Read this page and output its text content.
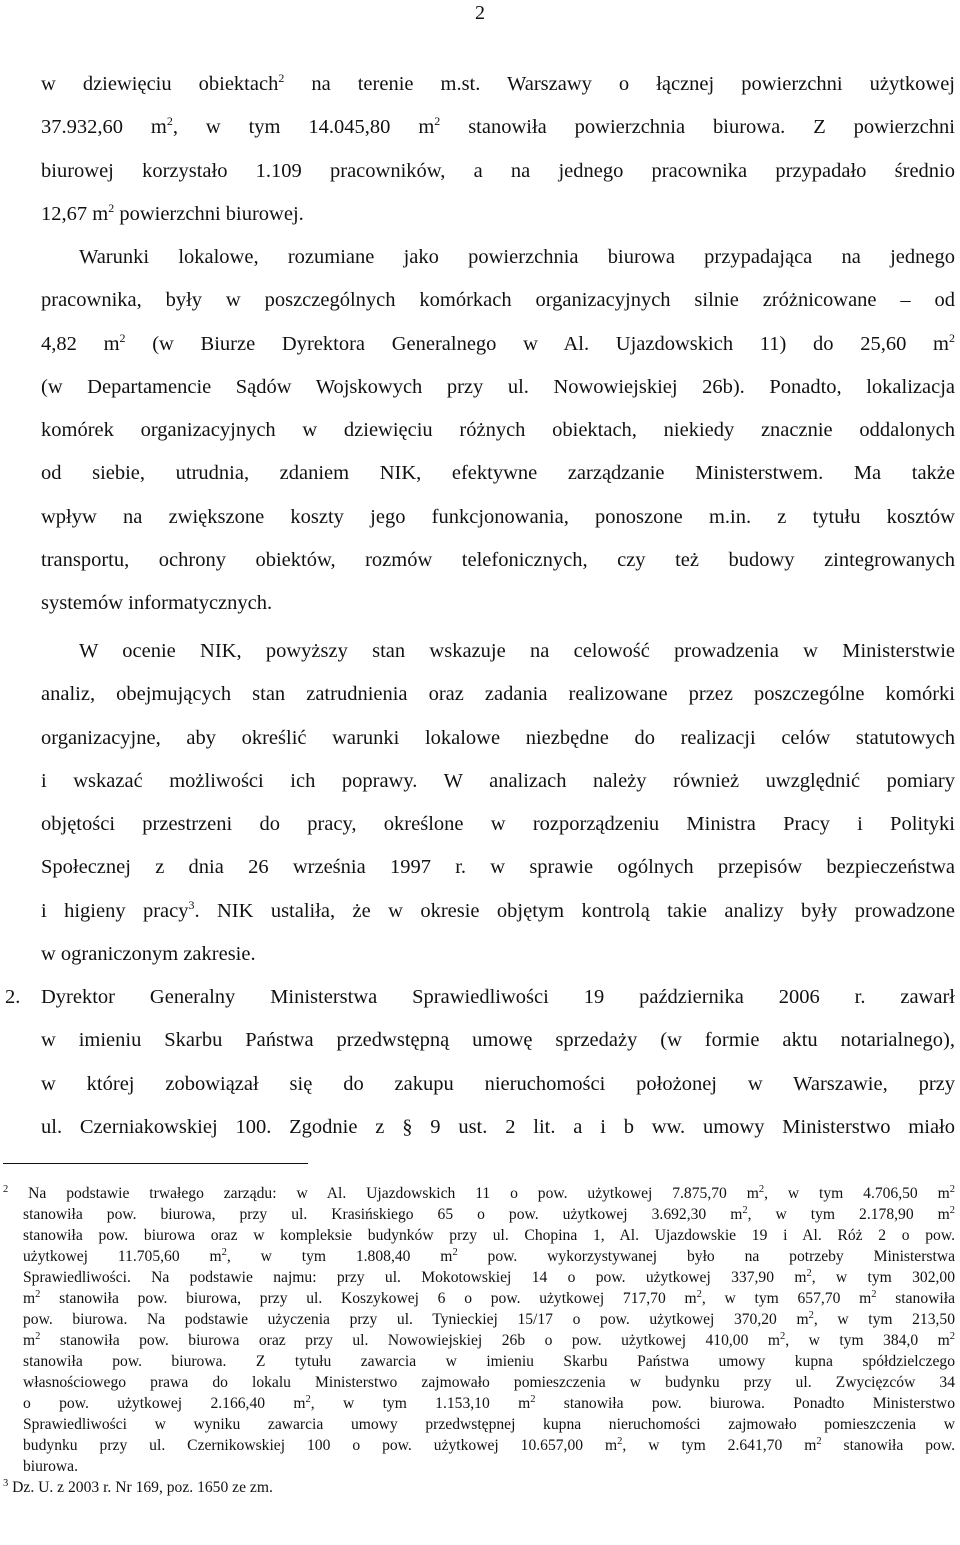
2
w dziewięciu obiektach$^2$ na terenie m.st. Warszawy o łącznej powierzchni użytkowej
37.932,60 $m^2$, w tym 14.045,80 $m^2$ stanowiła powierzchnia biurowa. Z powierzchni
biurowej korzystało 1.109 pracowników, a na jednego pracownika przypadało średnio
12,67 $m^2$ powierzchni biurowej.
Warunki lokalowe, rozumiane jako powierzchnia biurowa przypadająca na jednego
pracownika, były w poszczególnych komórkach organizacyjnych silnie zróżnicowane – od
4,82 $m^2$ (w Biurze Dyrektora Generalnego w Al. Ujazdowskich 11) do 25,60 $m^2$
(w Departamencie Sądów Wojskowych przy ul. Nowowiejskiej 26b). Ponadto, lokalizacja
komórek organizacyjnych w dziewięciu różnych obiektach, niekiedy znacznie oddalonych
od siebie, utrudnia, zdaniem NIK, efektywne zarządzanie Ministerstwem. Ma także
wpływ na zwiększone koszty jego funkcjonowania, ponoszone m.in. z tytułu kosztów
transportu, ochrony obiektów, rozmów telefonicznych, czy też budowy zintegrowanych
systemów informatycznych.
W ocenie NIK, powyższy stan wskazuje na celowość prowadzenia w Ministerstwie
analiz, obejmujących stan zatrudnienia oraz zadania realizowane przez poszczególne komórki
organizacyjne, aby określić warunki lokalowe niezbędne do realizacji celów statutowych
i wskazać możliwości ich poprawy. W analizach należy również uwzględnić pomiary
objętości przestrzeni do pracy, określone w rozporządzeniu Ministra Pracy i Polityki
Społecznej z dnia 26 września 1997 r. w sprawie ogólnych przepisów bezpieczeństwa
i higieny pracy$^3$. NIK ustaliła, że w okresie objętym kontrolą takie analizy były prowadzone
w ograniczonym zakresie.
2. Dyrektor Generalny Ministerstwa Sprawiedliwości 19 października 2006 r. zawarł
w imieniu Skarbu Państwa przedwstępną umowę sprzedaży (w formie aktu notarialnego),
w której zobowiązał się do zakupu nieruchomości położonej w Warszawie, przy
ul. Czerniakowskiej 100. Zgodnie z § 9 ust. 2 lit. a i b ww. umowy Ministerstwo miało
$^2$ Na podstawie trwałego zarządu: w Al. Ujazdowskich 11 o pow. użytkowej 7.875,70 $m^2$, w tym 4.706,50 $m^2$
stanowiła pow. biurowa, przy ul. Krasińskiego 65 o pow. użytkowej 3.692,30 $m^2$, w tym 2.178,90 $m^2$
stanowiła pow. biurowa oraz w kompleksie budynków przy ul. Chopina 1, Al. Ujazdowskie 19 i Al. Róż 2 o pow.
użytkowej 11.705,60 $m^2$, w tym 1.808,40 $m^2$ pow. wykorzystywanej było na potrzeby Ministerstwa
Sprawiedliwości. Na podstawie najmu: przy ul. Mokotowskiej 14 o pow. użytkowej 337,90 $m^2$, w tym 302,00
$m^2$ stanowiła pow. biurowa, przy ul. Koszykowej 6 o pow. użytkowej 717,70 $m^2$, w tym 657,70 $m^2$ stanowiła
pow. biurowa. Na podstawie użyczenia przy ul. Tynieckiej 15/17 o pow. użytkowej 370,20 $m^2$, w tym 213,50
$m^2$ stanowiła pow. biurowa oraz przy ul. Nowowiejskiej 26b o pow. użytkowej 410,00 $m^2$, w tym 384,0 $m^2$
stanowiła pow. biurowa. Z tytułu zawarcia w imieniu Skarbu Państwa umowy kupna spółdzielczego
własnościowego prawa do lokalu Ministerstwo zajmowało pomieszczenia w budynku przy ul. Zwycięzców 34
o pow. użytkowej 2.166,40 $m^2$, w tym 1.153,10 $m^2$ stanowiła pow. biurowa. Ponadto Ministerstwo
Sprawiedliwości w wyniku zawarcia umowy przedwstępnej kupna nieruchomości zajmowało pomieszczenia w
budynku przy ul. Czernikowskiej 100 o pow. użytkowej 10.657,00 $m^2$, w tym 2.641,70 $m^2$ stanowiła pow.
biurowa.
$^3$ Dz. U. z 2003 r. Nr 169, poz. 1650 ze zm.
